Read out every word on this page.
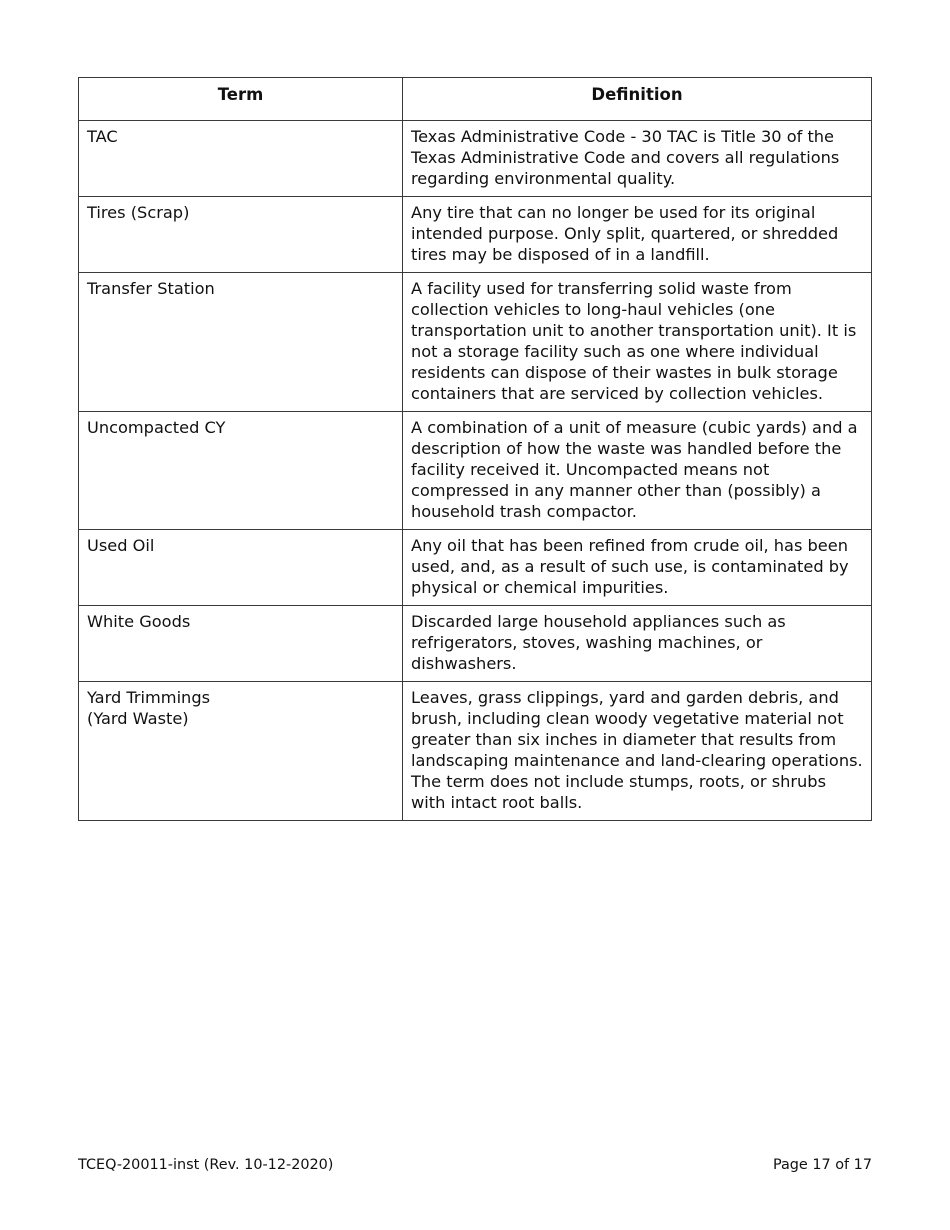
Term	Definition
TAC	Texas Administrative Code - 30 TAC is Title 30 of the Texas Administrative Code and covers all regulations regarding environmental quality.
Tires (Scrap)	Any tire that can no longer be used for its original intended purpose. Only split, quartered, or shredded tires may be disposed of in a landfill.
Transfer Station	A facility used for transferring solid waste from collection vehicles to long-haul vehicles (one transportation unit to another transportation unit). It is not a storage facility such as one where individual residents can dispose of their wastes in bulk storage containers that are serviced by collection vehicles.
Uncompacted CY	A combination of a unit of measure (cubic yards) and a description of how the waste was handled before the facility received it. Uncompacted means not compressed in any manner other than (possibly) a household trash compactor.
Used Oil	Any oil that has been refined from crude oil, has been used, and, as a result of such use, is contaminated by physical or chemical impurities.
White Goods	Discarded large household appliances such as refrigerators, stoves, washing machines, or dishwashers.
Yard Trimmings (Yard Waste)	Leaves, grass clippings, yard and garden debris, and brush, including clean woody vegetative material not greater than six inches in diameter that results from landscaping maintenance and land-clearing operations. The term does not include stumps, roots, or shrubs with intact root balls.
TCEQ-20011-inst (Rev. 10-12-2020)	Page 17 of 17
